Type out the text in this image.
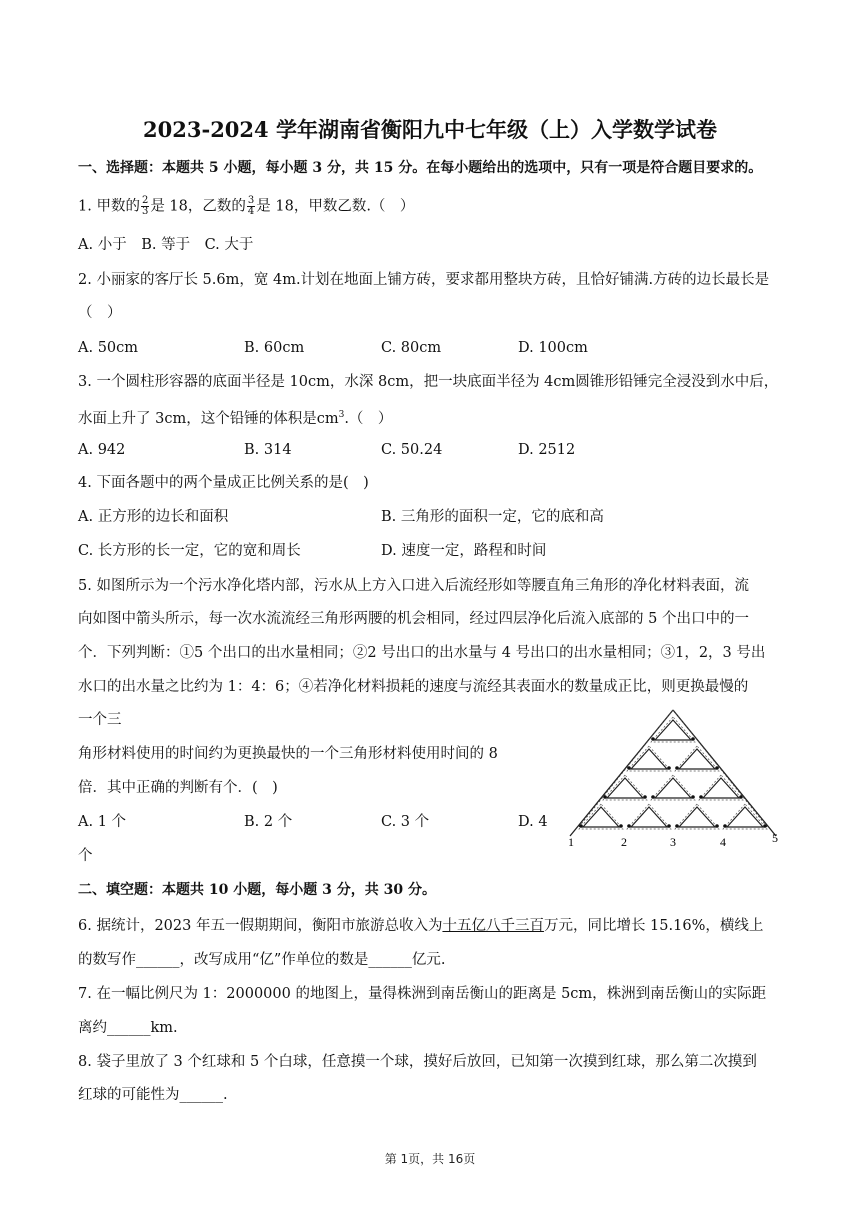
2023-2024 学年湖南省衡阳九中七年级（上）入学数学试卷
一、选择题：本题共 5 小题，每小题 3 分，共 15 分。在每小题给出的选项中，只有一项是符合题目要求的。
1. 甲数的 $\frac{2}{3}$ 是 18，乙数的 $\frac{3}{4}$ 是 18，甲数乙数.（　）
A. 小于　B. 等于　C. 大于
2. 小丽家的客厅长 5.6m，宽 4m.计划在地面上铺方砖，要求都用整块方砖，且恰好铺满.方砖的边长最长是
（　）
A. 50cm	B. 60cm	C. 80cm	D. 100cm
3. 一个圆柱形容器的底面半径是 10cm，水深 8cm，把一块底面半径为 4cm圆锥形铅锤完全浸没到水中后，
水面上升了 3cm，这个铅锤的体积是$cm^3$.（　）
A. 942	B. 314	C. 50.24	D. 2512
4. 下面各题中的两个量成正比例关系的是(　)
A. 正方形的边长和面积	B. 三角形的面积一定，它的底和高
C. 长方形的长一定，它的宽和周长	D. 速度一定，路程和时间
5. 如图所示为一个污水净化塔内部，污水从上方入口进入后流经形如等腰直角三角形的净化材料表面，流
向如图中箭头所示，每一次水流流经三角形两腰的机会相同，经过四层净化后流入底部的 5 个出口中的一
个．下列判断：①5 个出口的出水量相同；②2 号出口的出水量与 4 号出口的出水量相同；③1，2，3 号出
水口的出水量之比约为 1：4：6；④若净化材料损耗的速度与流经其表面水的数量成正比，则更换最慢的
一个三
角形材料使用的时间约为更换最快的一个三角形材料使用时间的 8
倍．其中正确的判断有个．(　)
A. 1 个	B. 2 个	C. 3 个	D. 4
个
1	2	3	4	5
二、填空题：本题共 10 小题，每小题 3 分，共 30 分。
6. 据统计，2023 年五一假期期间，衡阳市旅游总收入为十五亿八千三百万元，同比增长 15.16%，横线上
的数写作______，改写成用“亿”作单位的数是______亿元.
7. 在一幅比例尺为 1：2000000 的地图上，量得株洲到南岳衡山的距离是 5cm，株洲到南岳衡山的实际距
离约______km.
8. 袋子里放了 3 个红球和 5 个白球，任意摸一个球，摸好后放回，已知第一次摸到红球，那么第二次摸到
红球的可能性为______.
第 1页，共 16页
